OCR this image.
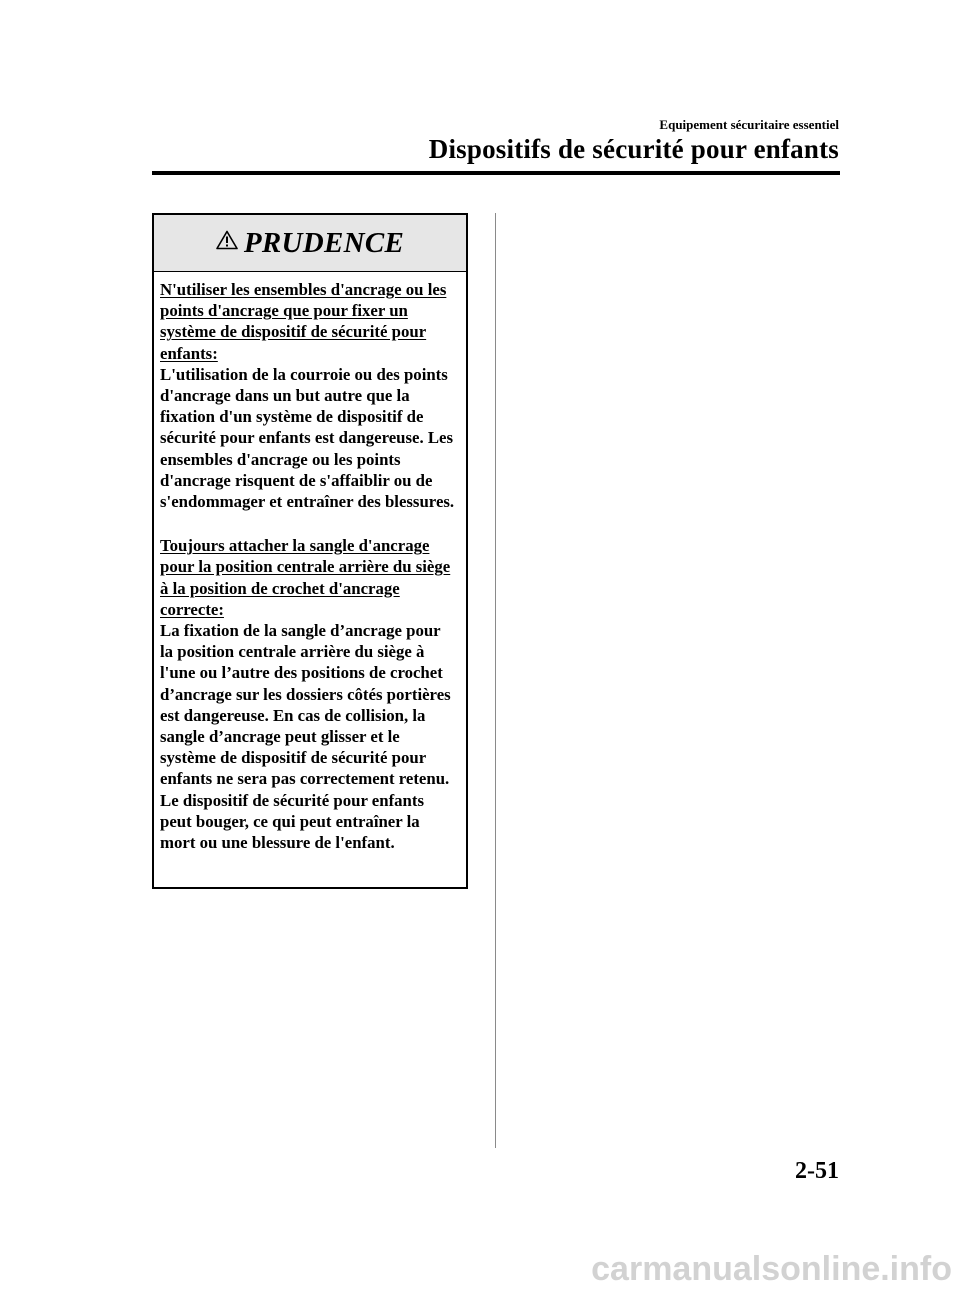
Equipement sécuritaire essentiel
Dispositifs de sécurité pour enfants
PRUDENCE

N'utiliser les ensembles d'ancrage ou les points d'ancrage que pour fixer un système de dispositif de sécurité pour enfants:

L'utilisation de la courroie ou des points d'ancrage dans un but autre que la fixation d'un système de dispositif de sécurité pour enfants est dangereuse. Les ensembles d'ancrage ou les points d'ancrage risquent de s'affaiblir ou de s'endommager et entraîner des blessures.

Toujours attacher la sangle d'ancrage pour la position centrale arrière du siège à la position de crochet d'ancrage correcte:

La fixation de la sangle d’ancrage pour la position centrale arrière du siège à l'une ou l’autre des positions de crochet d’ancrage sur les dossiers côtés portières est dangereuse. En cas de collision, la sangle d’ancrage peut glisser et le système de dispositif de sécurité pour enfants ne sera pas correctement retenu. Le dispositif de sécurité pour enfants peut bouger, ce qui peut entraîner la mort ou une blessure de l'enfant.

2-51
carmanualsonline.info
